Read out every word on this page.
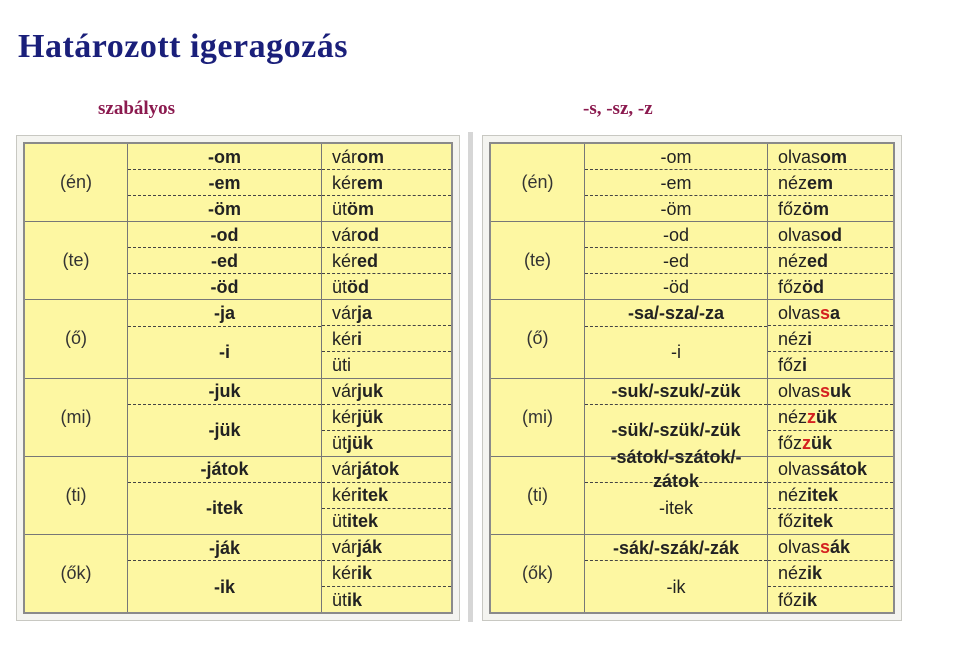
Határozott igeragozás
szabályos	-s, -sz, -z
(én)
-om
-em
-öm
vár om
kér em
üt öm
(te)
-od
-ed
-öd
vár od
kér ed
üt öd
(ő)
-ja
-i
vár ja
kér i
üt i
(mi)
-juk
-jük
vár juk
kér jük
üt jük
(ti)
-játok
-itek
vár játok
kér itek
üt itek
(ők)
-ják
-ik
vár ják
kér ik
üt ik
(én)
-om
-em
-öm
olvas om
néz em
főz öm
(te)
-od
-ed
-öd
olvas od
néz ed
főz öd
(ő)
-sa/-sza/-za
-i
olvas s a
néz i
főz i
(mi)
-suk/-szuk/-zük
-sük/-szük/-zük
olvas s uk
néz z ük
főz z ük
(ti)
-sátok/-szátok/-zátok
-itek
olvas sátok
néz itek
főz itek
(ők)
-sák/-szák/-zák
-ik
olvas s ák
néz ik
főz ik
